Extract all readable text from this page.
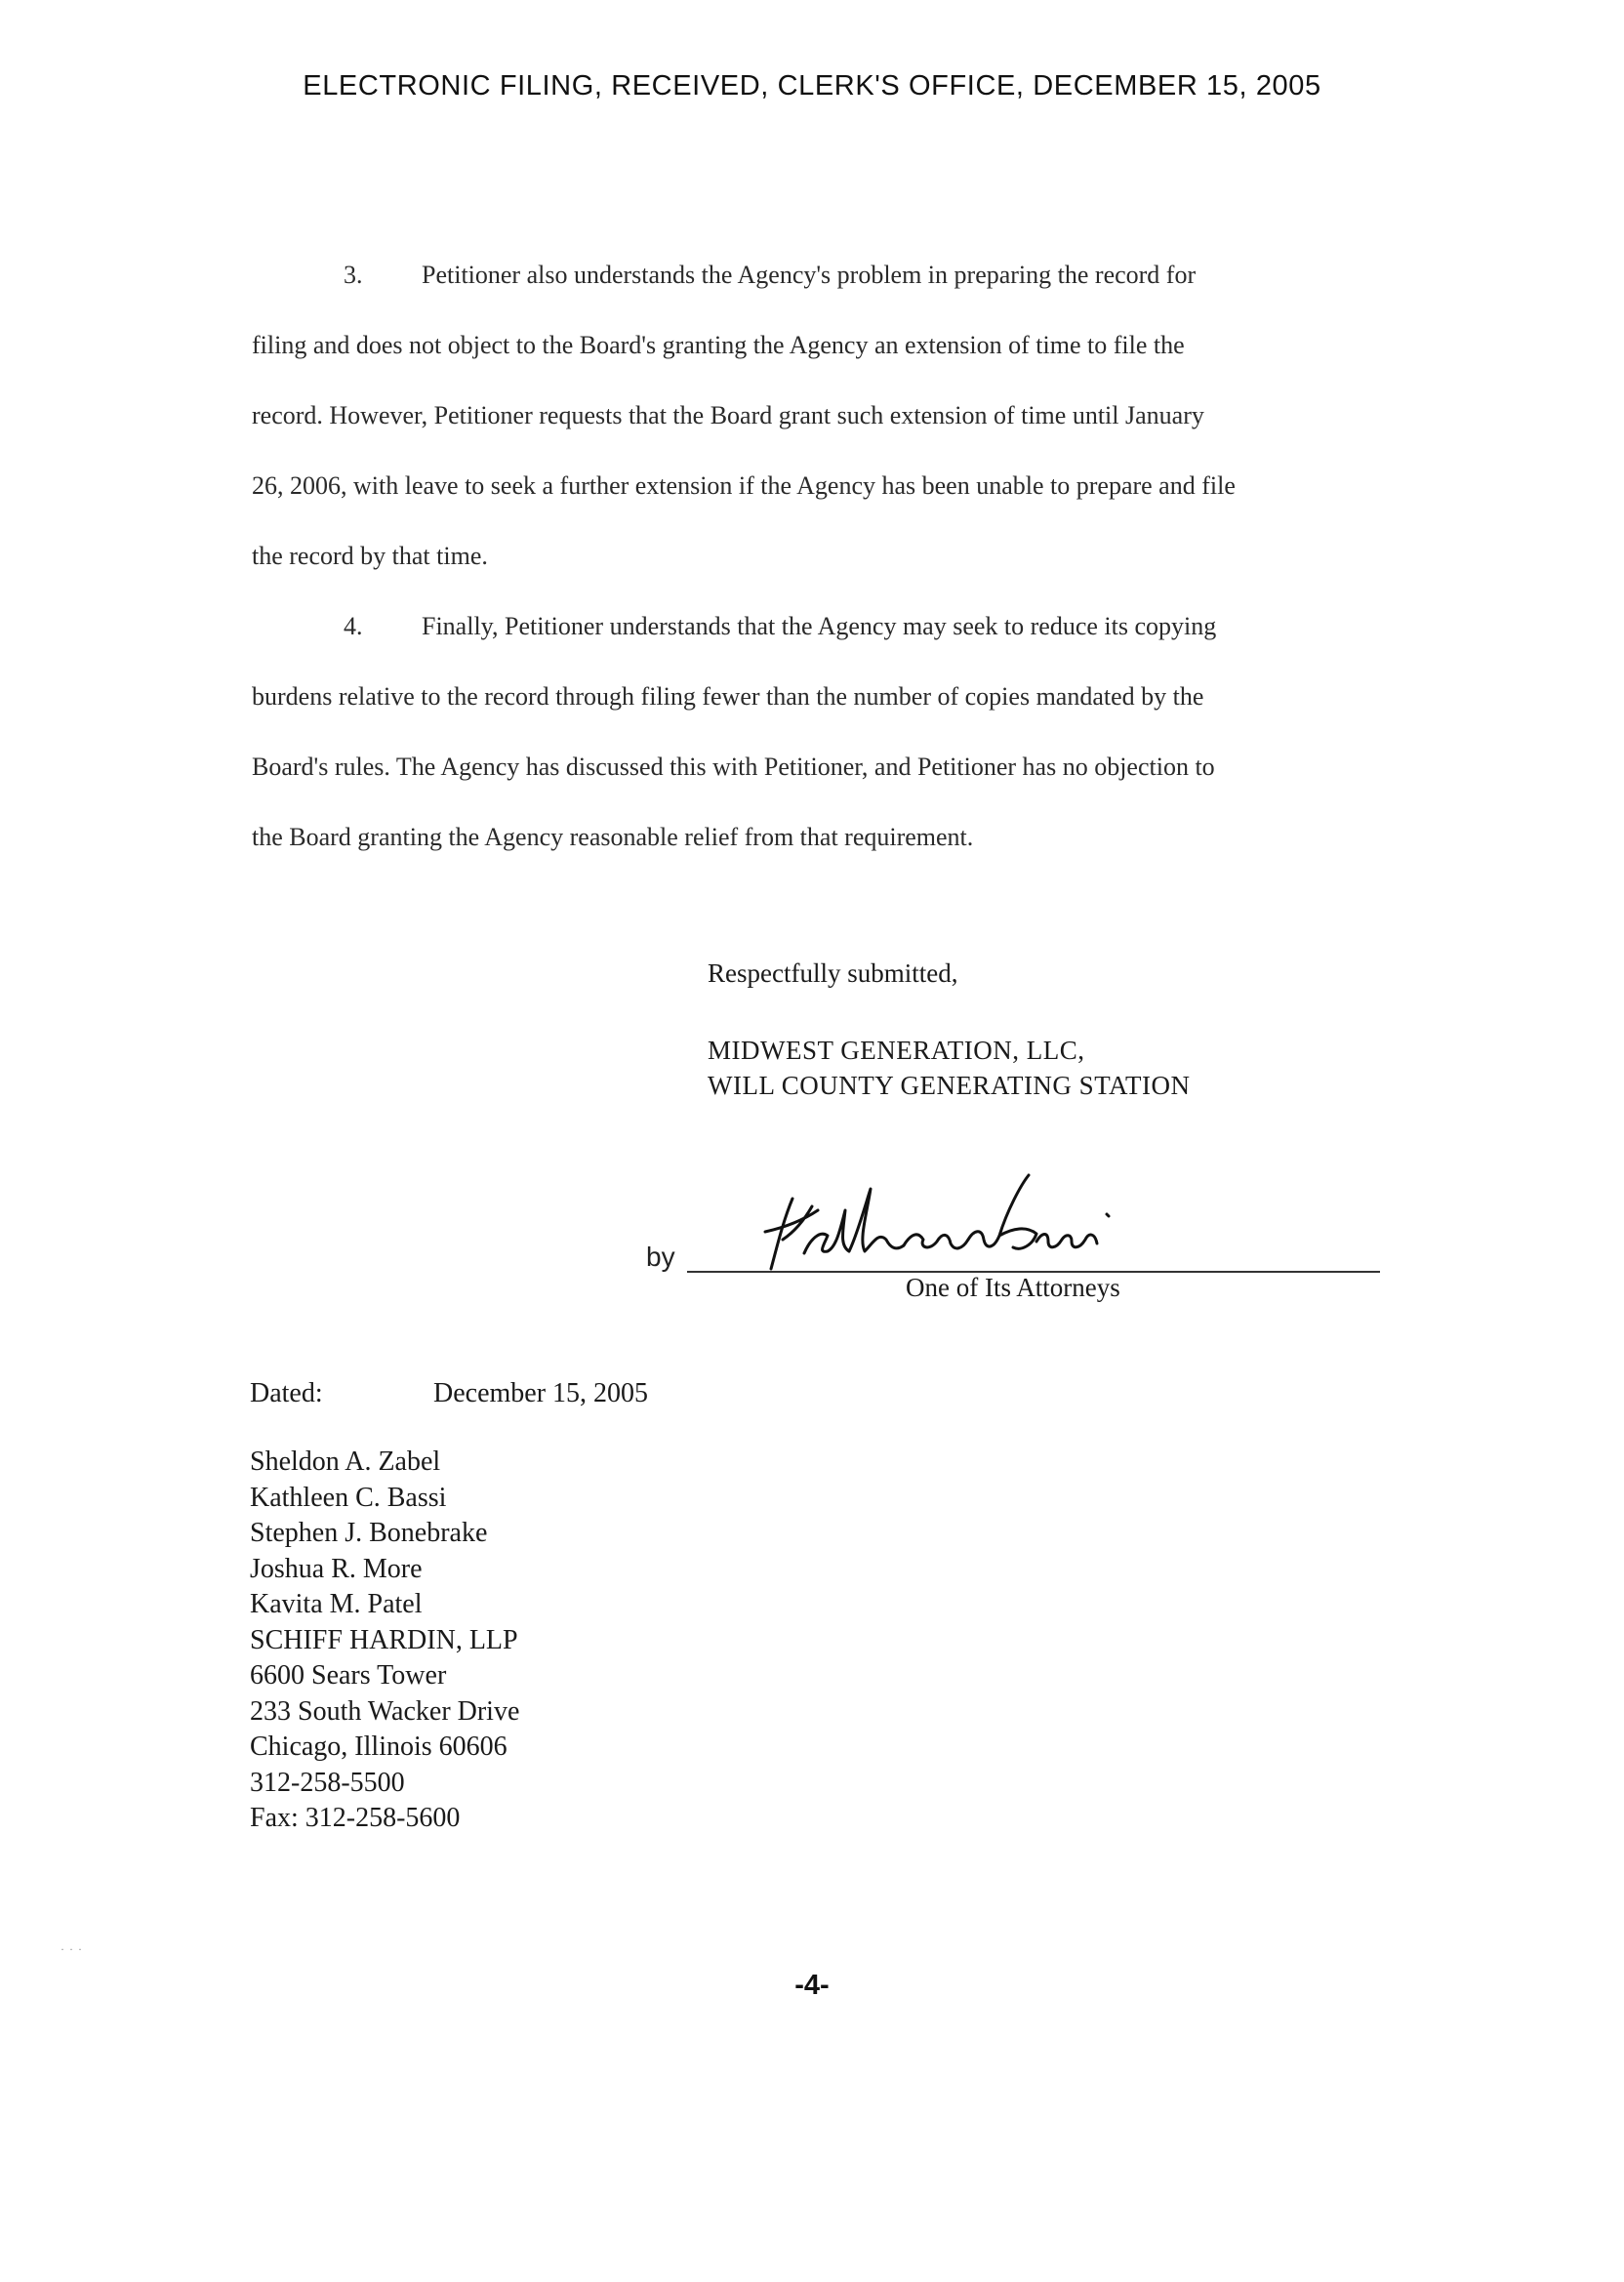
ELECTRONIC FILING, RECEIVED, CLERK'S OFFICE, DECEMBER 15, 2005
3. Petitioner also understands the Agency's problem in preparing the record for
filing and does not object to the Board's granting the Agency an extension of time to file the
record. However, Petitioner requests that the Board grant such extension of time until January
26, 2006, with leave to seek a further extension if the Agency has been unable to prepare and file
the record by that time.
4. Finally, Petitioner understands that the Agency may seek to reduce its copying
burdens relative to the record through filing fewer than the number of copies mandated by the
Board's rules. The Agency has discussed this with Petitioner, and Petitioner has no objection to
the Board granting the Agency reasonable relief from that requirement.
Respectfully submitted,
MIDWEST GENERATION, LLC,
WILL COUNTY GENERATING STATION
by
One of Its Attorneys
Dated:	December 15, 2005
Sheldon A. Zabel
Kathleen C. Bassi
Stephen J. Bonebrake
Joshua R. More
Kavita M. Patel
SCHIFF HARDIN, LLP
6600 Sears Tower
233 South Wacker Drive
Chicago, Illinois 60606
312-258-5500
Fax: 312-258-5600
· · ·
-4-
